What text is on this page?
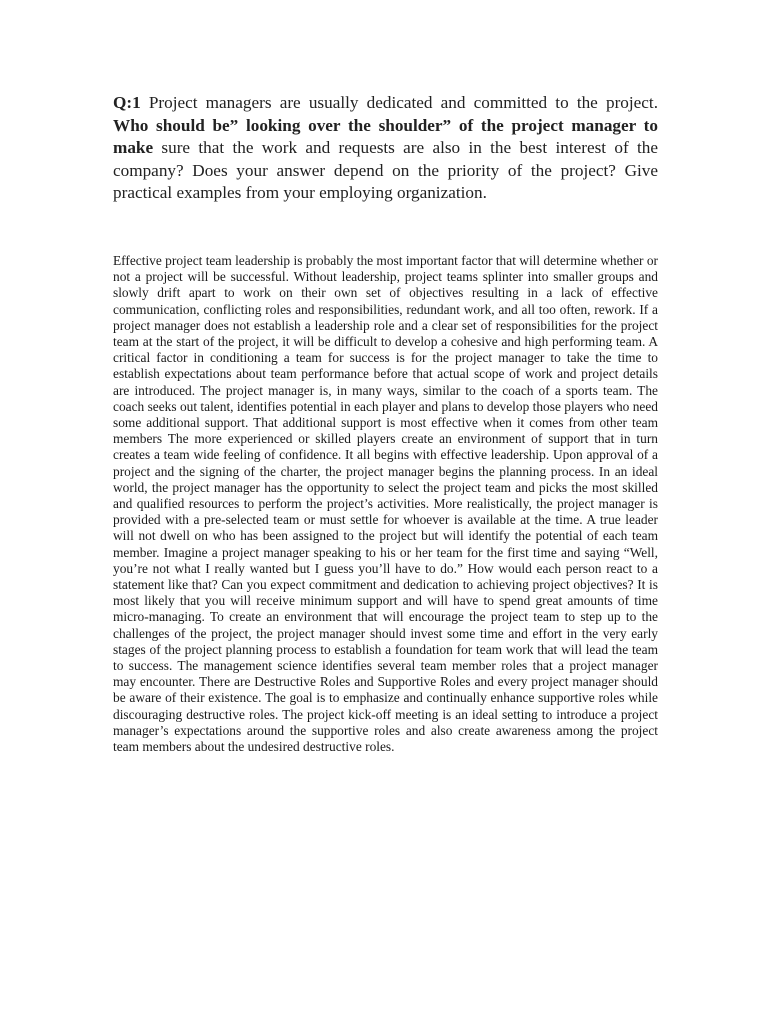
Q:1 Project managers are usually dedicated and committed to the project. Who should be” looking over the shoulder” of the project manager to make sure that the work and requests are also in the best interest of the company? Does your answer depend on the priority of the project? Give practical examples from your employing organization.
Effective project team leadership is probably the most important factor that will determine whether or not a project will be successful. Without leadership, project teams splinter into smaller groups and slowly drift apart to work on their own set of objectives resulting in a lack of effective communication, conflicting roles and responsibilities, redundant work, and all too often, rework. If a project manager does not establish a leadership role and a clear set of responsibilities for the project team at the start of the project, it will be difficult to develop a cohesive and high performing team. A critical factor in conditioning a team for success is for the project manager to take the time to establish expectations about team performance before that actual scope of work and project details are introduced. The project manager is, in many ways, similar to the coach of a sports team. The coach seeks out talent, identifies potential in each player and plans to develop those players who need some additional support. That additional support is most effective when it comes from other team members The more experienced or skilled players create an environment of support that in turn creates a team wide feeling of confidence. It all begins with effective leadership. Upon approval of a project and the signing of the charter, the project manager begins the planning process. In an ideal world, the project manager has the opportunity to select the project team and picks the most skilled and qualified resources to perform the project’s activities. More realistically, the project manager is provided with a pre-selected team or must settle for whoever is available at the time. A true leader will not dwell on who has been assigned to the project but will identify the potential of each team member. Imagine a project manager speaking to his or her team for the first time and saying “Well, you’re not what I really wanted but I guess you’ll have to do.” How would each person react to a statement like that? Can you expect commitment and dedication to achieving project objectives? It is most likely that you will receive minimum support and will have to spend great amounts of time micro-managing. To create an environment that will encourage the project team to step up to the challenges of the project, the project manager should invest some time and effort in the very early stages of the project planning process to establish a foundation for team work that will lead the team to success. The management science identifies several team member roles that a project manager may encounter. There are Destructive Roles and Supportive Roles and every project manager should be aware of their existence. The goal is to emphasize and continually enhance supportive roles while discouraging destructive roles. The project kick-off meeting is an ideal setting to introduce a project manager’s expectations around the supportive roles and also create awareness among the project team members about the undesired destructive roles.
